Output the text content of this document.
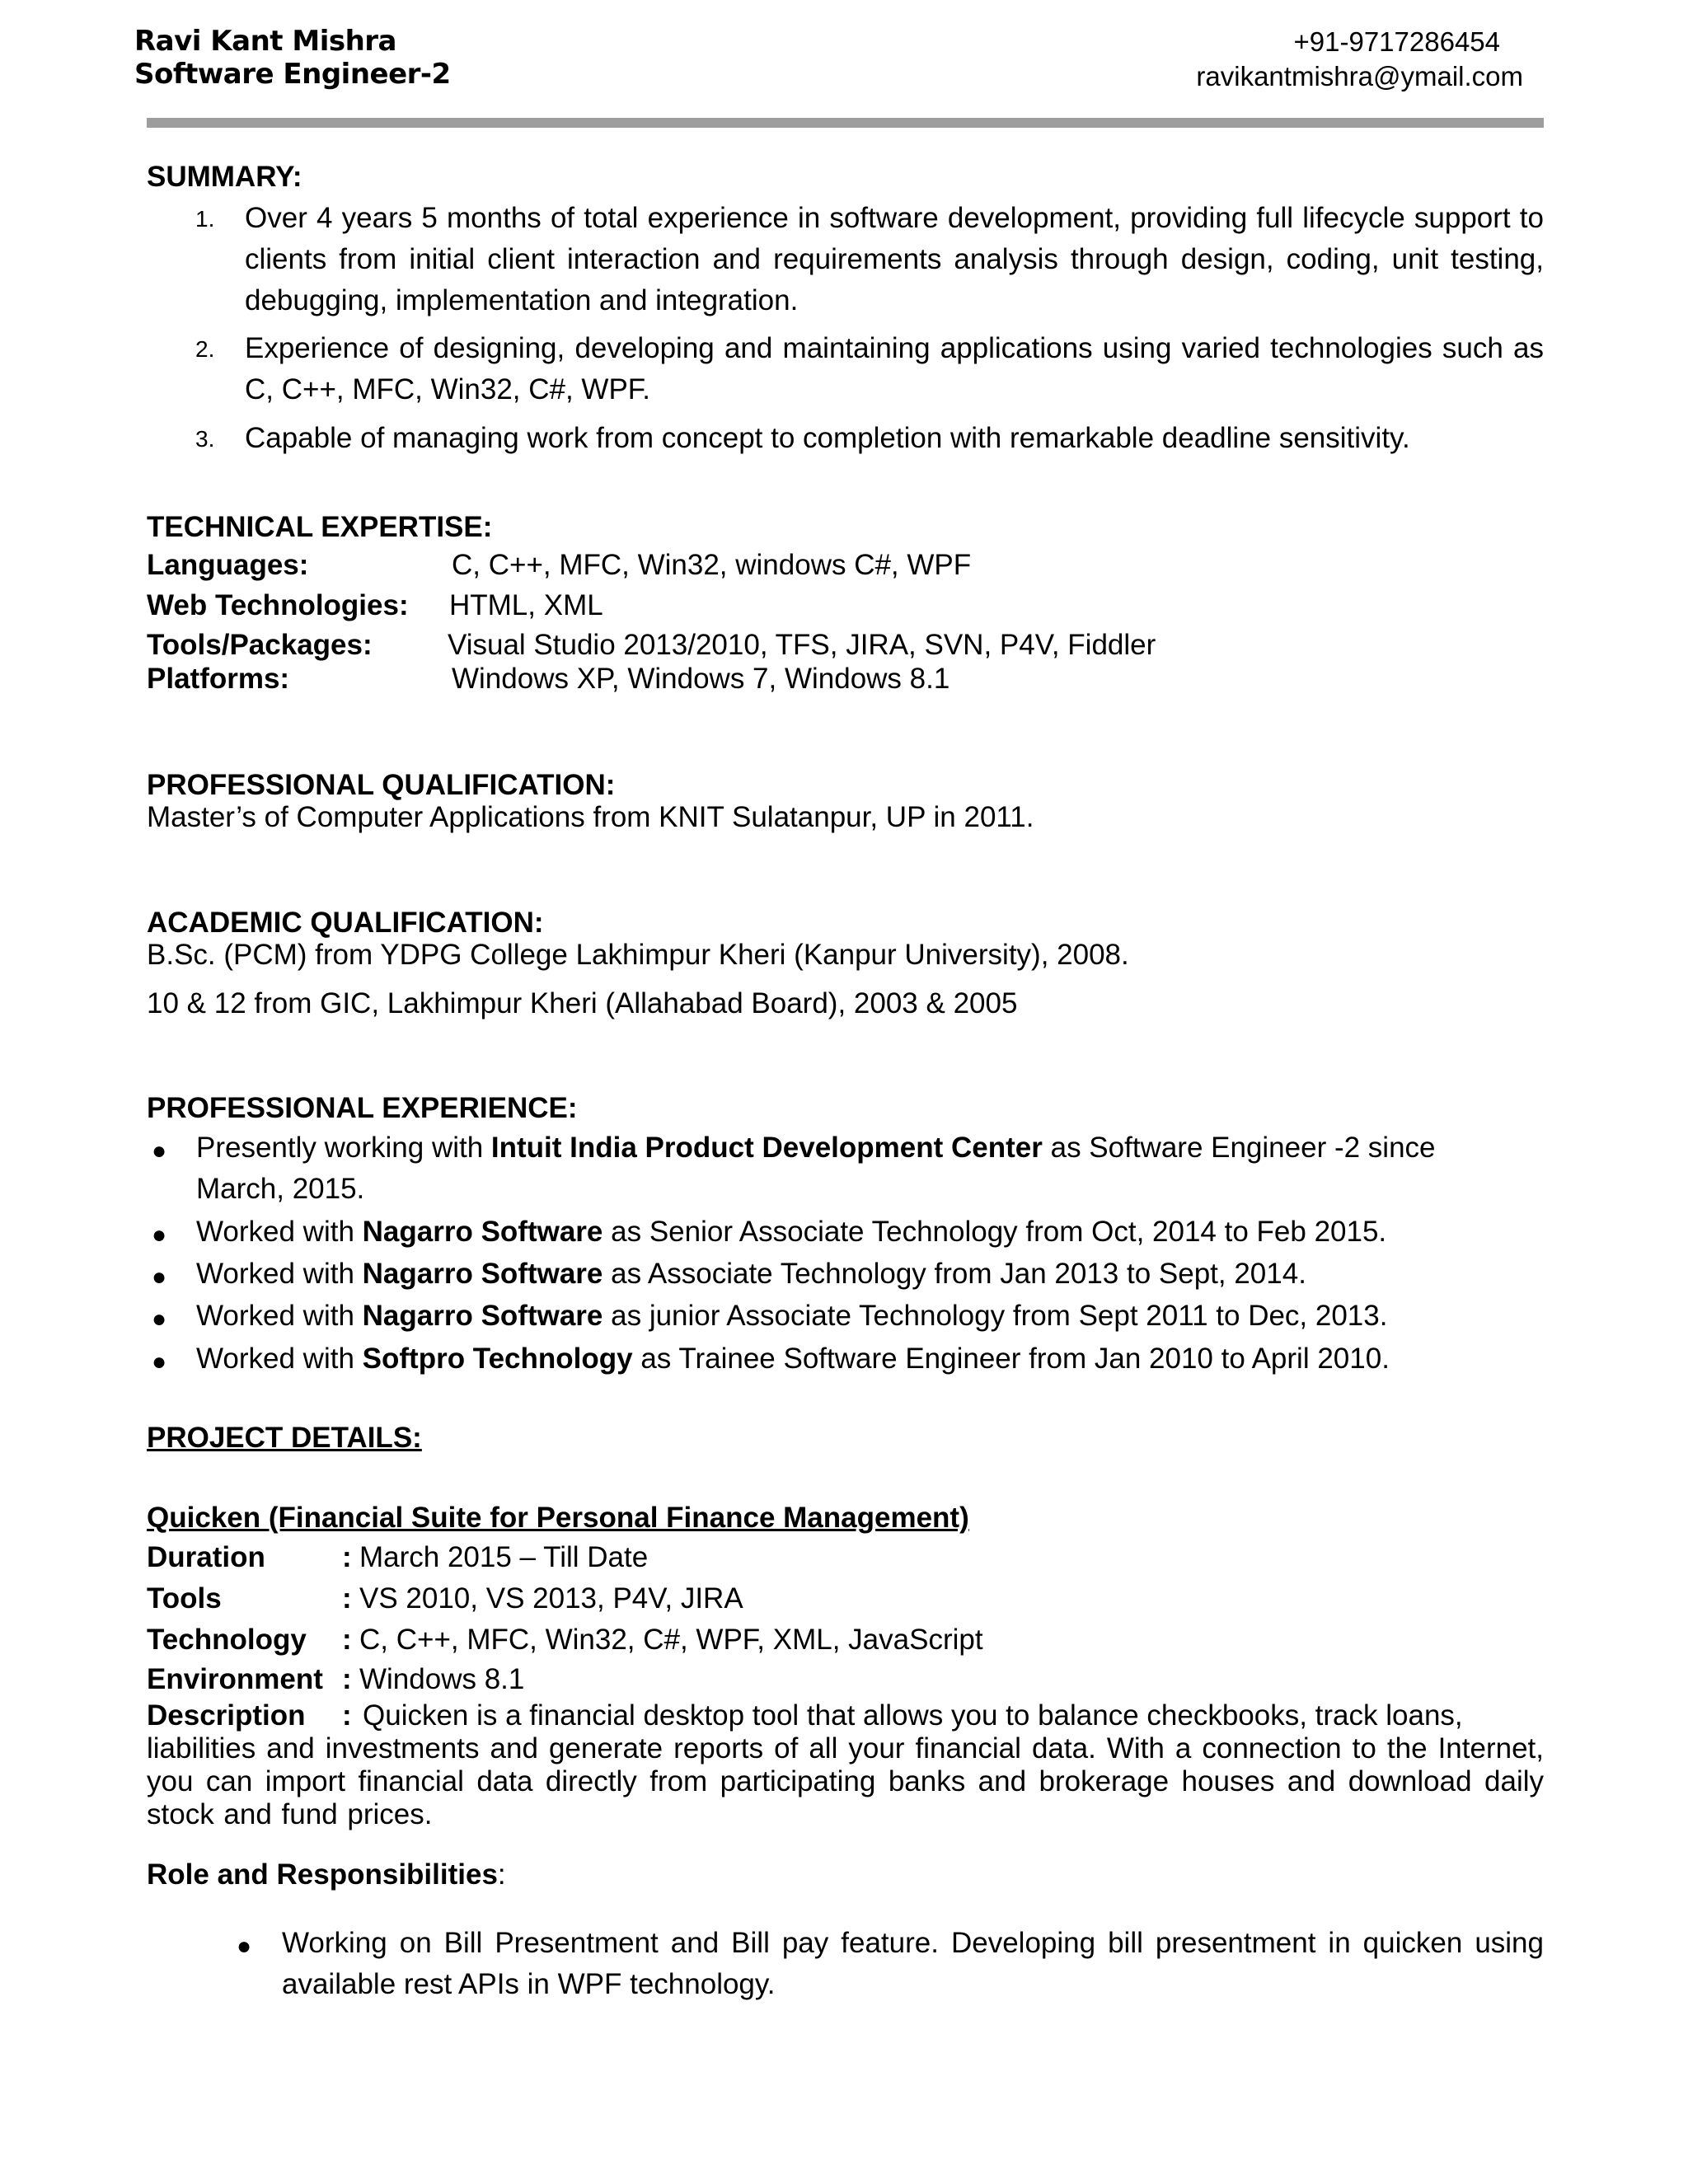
Ravi Kant Mishra
Software Engineer-2
+91-9717286454
ravikantmishra@ymail.com
SUMMARY:
1. Over 4 years 5 months of total experience in software development, providing full lifecycle support to clients from initial client interaction and requirements analysis through design, coding, unit testing, debugging, implementation and integration.
2. Experience of designing, developing and maintaining applications using varied technologies such as C, C++, MFC, Win32, C#, WPF.
3. Capable of managing work from concept to completion with remarkable deadline sensitivity.
TECHNICAL EXPERTISE:
Languages:	C, C++, MFC, Win32, windows C#, WPF
Web Technologies: HTML, XML
Tools/Packages:	Visual Studio 2013/2010, TFS, JIRA, SVN, P4V, Fiddler
Platforms:	Windows XP, Windows 7, Windows 8.1
PROFESSIONAL QUALIFICATION:
Master’s of Computer Applications from KNIT Sulatanpur, UP in 2011.
ACADEMIC QUALIFICATION:
B.Sc. (PCM) from YDPG College Lakhimpur Kheri (Kanpur University), 2008.
10 & 12 from GIC, Lakhimpur Kheri (Allahabad Board), 2003 & 2005
PROFESSIONAL EXPERIENCE:
● Presently working with Intuit India Product Development Center as Software Engineer -2 since March, 2015.
● Worked with Nagarro Software as Senior Associate Technology from Oct, 2014 to Feb 2015.
● Worked with Nagarro Software as Associate Technology from Jan 2013 to Sept, 2014.
● Worked with Nagarro Software as junior Associate Technology from Sept 2011 to Dec, 2013.
● Worked with Softpro Technology as Trainee Software Engineer from Jan 2010 to April 2010.
PROJECT DETAILS:
Quicken (Financial Suite for Personal Finance Management)
Duration	: March 2015 – Till Date
Tools	: VS 2010, VS 2013, P4V, JIRA
Technology : C, C++, MFC, Win32, C#, WPF, XML, JavaScript
Environment : Windows 8.1
Description : Quicken is a financial desktop tool that allows you to balance checkbooks, track loans,
liabilities and investments and generate reports of all your financial data. With a connection to the Internet, you can import financial data directly from participating banks and brokerage houses and download daily stock and fund prices.
Role and Responsibilities:
● Working on Bill Presentment and Bill pay feature. Developing bill presentment in quicken using available rest APIs in WPF technology.
